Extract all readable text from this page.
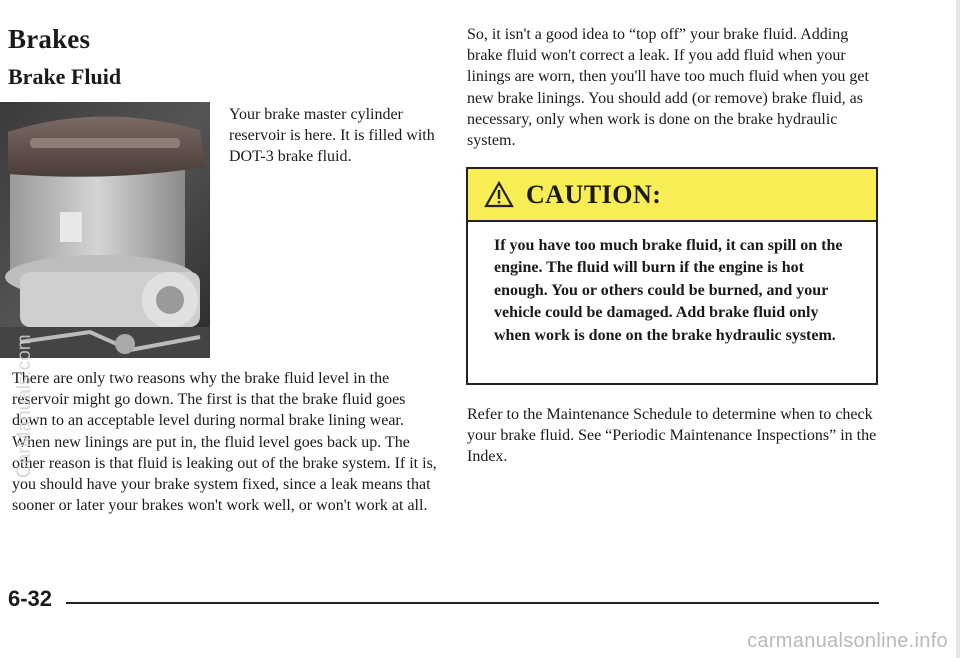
Brakes
Brake Fluid
Your brake master cylinder reservoir is here. It is filled with DOT-3 brake fluid.
There are only two reasons why the brake fluid level in the reservoir might go down. The first is that the brake fluid goes down to an acceptable level during normal brake lining wear. When new linings are put in, the fluid level goes back up. The other reason is that fluid is leaking out of the brake system. If it is, you should have your brake system fixed, since a leak means that sooner or later your brakes won't work well, or won't work at all.
So, it isn't a good idea to “top off” your brake fluid. Adding brake fluid won't correct a leak. If you add fluid when your linings are worn, then you'll have too much fluid when you get new brake linings. You should add (or remove) brake fluid, as necessary, only when work is done on the brake hydraulic system.
CAUTION:
If you have too much brake fluid, it can spill on the engine. The fluid will burn if the engine is hot enough. You or others could be burned, and your vehicle could be damaged. Add brake fluid only when work is done on the brake hydraulic system.
Refer to the Maintenance Schedule to determine when to check your brake fluid. See “Periodic Maintenance Inspections” in the Index.
6-32
CarManuals.com
carmanualsonline.info
